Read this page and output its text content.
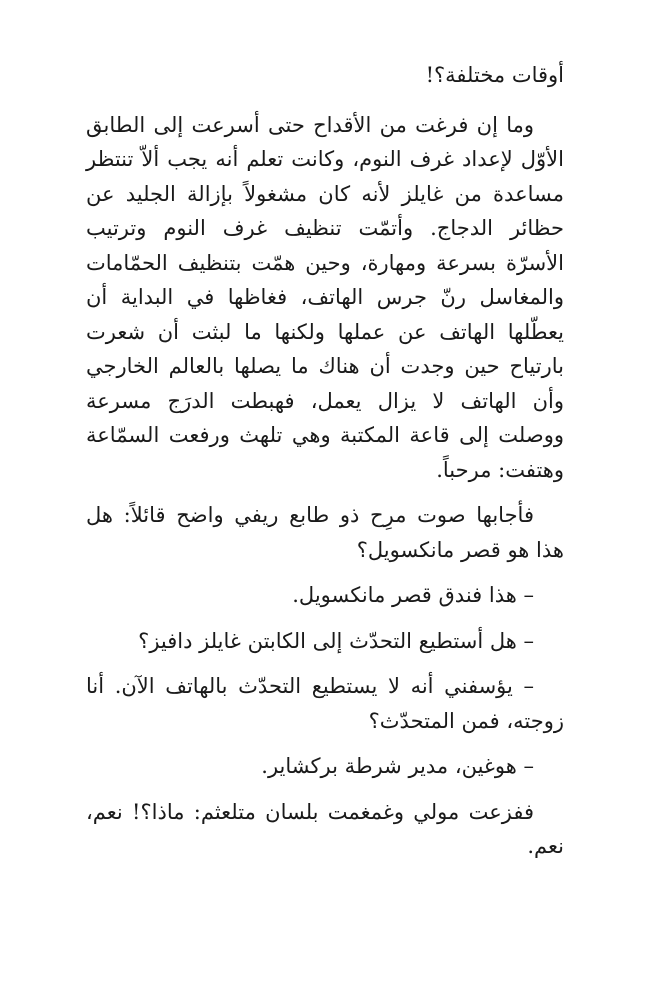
أوقات مختلفة؟!

وما إن فرغت من الأقداح حتى أسرعت إلى الطابق الأوّل لإعداد غرف النوم، وكانت تعلم أنه يجب ألاّ تنتظر مساعدة من غايلز لأنه كان مشغولاً بإزالة الجليد عن حظائر الدجاج. وأتمّت تنظيف غرف النوم وترتيب الأسرّة بسرعة ومهارة، وحين همّت بتنظيف الحمّامات والمغاسل رنّ جرس الهاتف، فغاظها في البداية أن يعطّلها الهاتف عن عملها ولكنها ما لبثت أن شعرت بارتياح حين وجدت أن هناك ما يصلها بالعالم الخارجي وأن الهاتف لا يزال يعمل، فهبطت الدرَج مسرعة ووصلت إلى قاعة المكتبة وهي تلهث ورفعت السمّاعة وهتفت: مرحباً.

فأجابها صوت مرِح ذو طابع ريفي واضح قائلاً: هل هذا هو قصر مانكسويل؟

– هذا فندق قصر مانكسويل.

– هل أستطيع التحدّث إلى الكابتن غايلز دافيز؟

– يؤسفني أنه لا يستطيع التحدّث بالهاتف الآن. أنا زوجته، فمن المتحدّث؟

– هوغين، مدير شرطة بركشاير.

ففزعت مولي وغمغمت بلسان متلعثم: ماذا؟! نعم، نعم.
